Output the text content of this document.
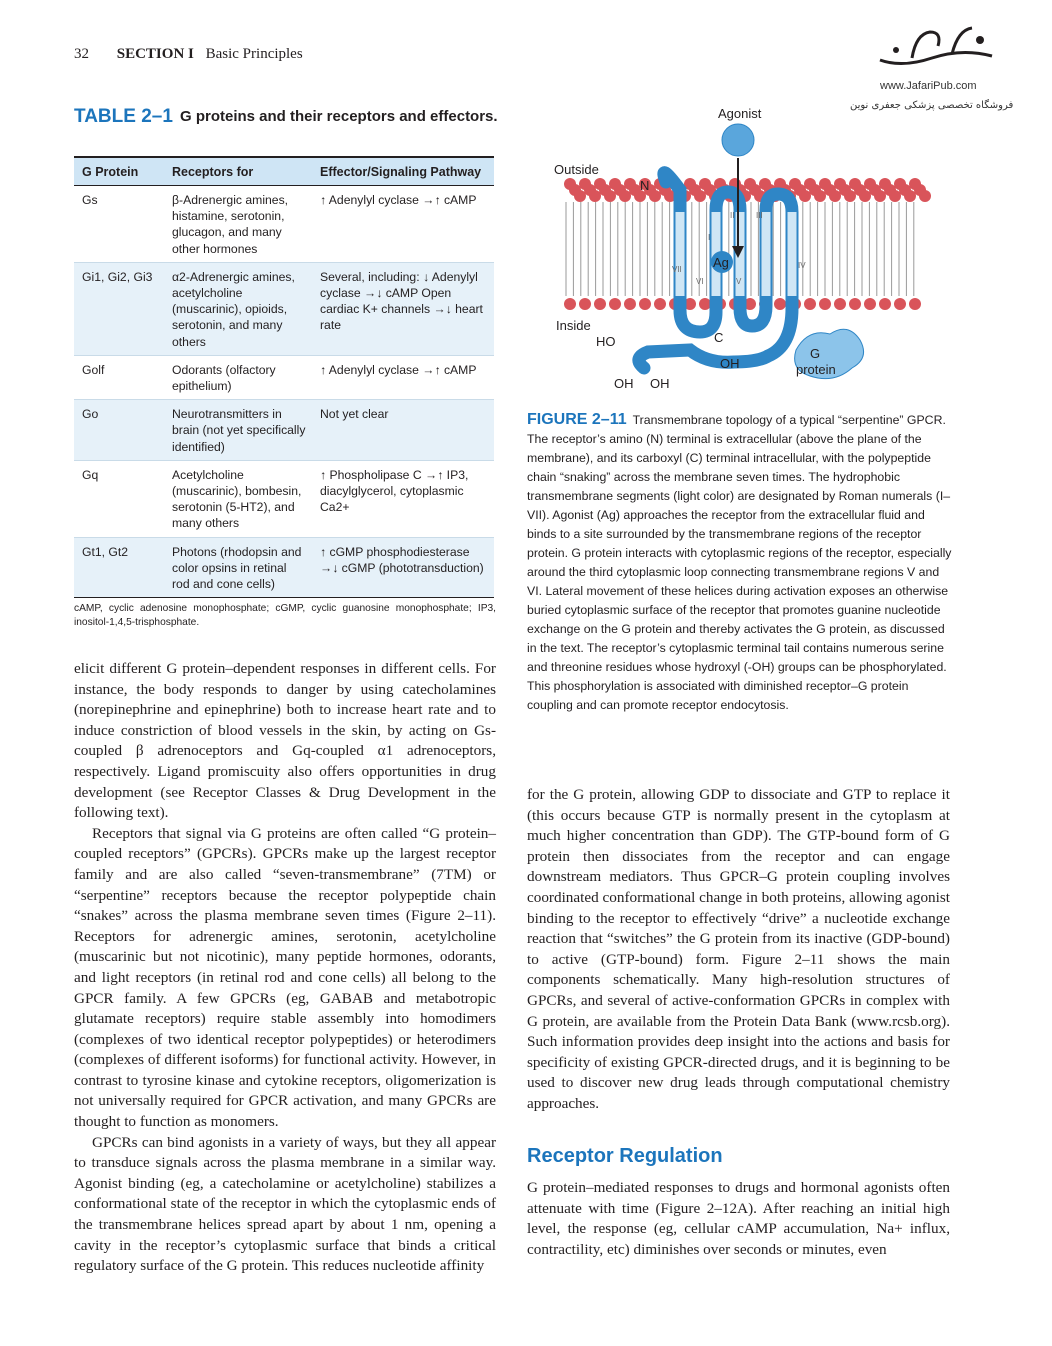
32 SECTION I Basic Principles
جعفری
www.JafariPub.com
فروشگاه تخصصی پزشکی جعفری نوین
TABLE 2–1 G proteins and their receptors and effectors.
G Protein	Receptors for	Effector/Signaling Pathway
Gs	β-Adrenergic amines, histamine, serotonin, glucagon, and many other hormones	↑ Adenylyl cyclase →↑ cAMP
Gi1, Gi2, Gi3	α2-Adrenergic amines, acetylcholine (muscarinic), opioids, serotonin, and many others	Several, including: ↓ Adenylyl cyclase →↓ cAMP Open cardiac K+ channels →↓ heart rate
Golf	Odorants (olfactory epithelium)	↑ Adenylyl cyclase →↑ cAMP
Go	Neurotransmitters in brain (not yet specifically identified)	Not yet clear
Gq	Acetylcholine (muscarinic), bombesin, serotonin (5-HT2), and many others	↑ Phospholipase C →↑ IP3, diacylglycerol, cytoplasmic Ca2+
Gt1, Gt2	Photons (rhodopsin and color opsins in retinal rod and cone cells)	↑ cGMP phosphodiesterase →↓ cGMP (phototransduction)
cAMP, cyclic adenosine monophosphate; cGMP, cyclic guanosine monophosphate; IP3, inositol-1,4,5-trisphosphate.
Agonist
Outside
Inside
N
Ag
C
HO
OH
OH OH
G
protein
I
II	III
IV
V
VI
VII
FIGURE 2–11 Transmembrane topology of a typical “serpentine” GPCR. The receptor’s amino (N) terminal is extracellular (above the plane of the membrane), and its carboxyl (C) terminal intracellular, with the polypeptide chain “snaking” across the membrane seven times. The hydrophobic transmembrane segments (light color) are designated by Roman numerals (I–VII). Agonist (Ag) approaches the receptor from the extracellular fluid and binds to a site surrounded by the transmembrane regions of the receptor protein. G protein interacts with cytoplasmic regions of the receptor, especially around the third cytoplasmic loop connecting transmembrane regions V and VI. Lateral movement of these helices during activation exposes an otherwise buried cytoplasmic surface of the receptor that promotes guanine nucleotide exchange on the G protein and thereby activates the G protein, as discussed in the text. The receptor’s cytoplasmic terminal tail contains numerous serine and threonine residues whose hydroxyl (-OH) groups can be phosphorylated. This phosphorylation is associated with diminished receptor–G protein coupling and can promote receptor endocytosis.

elicit different G protein–dependent responses in different cells. For instance, the body responds to danger by using catecholamines (norepinephrine and epinephrine) both to increase heart rate and to induce constriction of blood vessels in the skin, by acting on Gs-coupled β adrenoceptors and Gq-coupled α1 adrenoceptors, respectively. Ligand promiscuity also offers opportunities in drug development (see Receptor Classes & Drug Development in the following text).

Receptors that signal via G proteins are often called “G protein–coupled receptors” (GPCRs). GPCRs make up the largest receptor family and are also called “seven-transmembrane” (7TM) or “serpentine” receptors because the receptor polypeptide chain “snakes” across the plasma membrane seven times (Figure 2–11). Receptors for adrenergic amines, serotonin, acetylcholine (muscarinic but not nicotinic), many peptide hormones, odorants, and light receptors (in retinal rod and cone cells) all belong to the GPCR family. A few GPCRs (eg, GABAB and metabotropic glutamate receptors) require stable assembly into homodimers (complexes of two identical receptor polypeptides) or heterodimers (complexes of different isoforms) for functional activity. However, in contrast to tyrosine kinase and cytokine receptors, oligomerization is not universally required for GPCR activation, and many GPCRs are thought to function as monomers.

GPCRs can bind agonists in a variety of ways, but they all appear to transduce signals across the plasma membrane in a similar way. Agonist binding (eg, a catecholamine or acetylcholine) stabilizes a conformational state of the receptor in which the cytoplasmic ends of the transmembrane helices spread apart by about 1 nm, opening a cavity in the receptor’s cytoplasmic surface that binds a critical regulatory surface of the G protein. This reduces nucleotide affinity

for the G protein, allowing GDP to dissociate and GTP to replace it (this occurs because GTP is normally present in the cytoplasm at much higher concentration than GDP). The GTP-bound form of G protein then dissociates from the receptor and can engage downstream mediators. Thus GPCR–G protein coupling involves coordinated conformational change in both proteins, allowing agonist binding to the receptor to effectively “drive” a nucleotide exchange reaction that “switches” the G protein from its inactive (GDP-bound) to active (GTP-bound) form. Figure 2–11 shows the main components schematically. Many high-resolution structures of GPCRs, and several of active-conformation GPCRs in complex with G protein, are available from the Protein Data Bank (www.rcsb.org). Such information provides deep insight into the actions and basis for specificity of existing GPCR-directed drugs, and it is beginning to be used to discover new drug leads through computational chemistry approaches.

Receptor Regulation

G protein–mediated responses to drugs and hormonal agonists often attenuate with time (Figure 2–12A). After reaching an initial high level, the response (eg, cellular cAMP accumulation, Na+ influx, contractility, etc) diminishes over seconds or minutes, even
